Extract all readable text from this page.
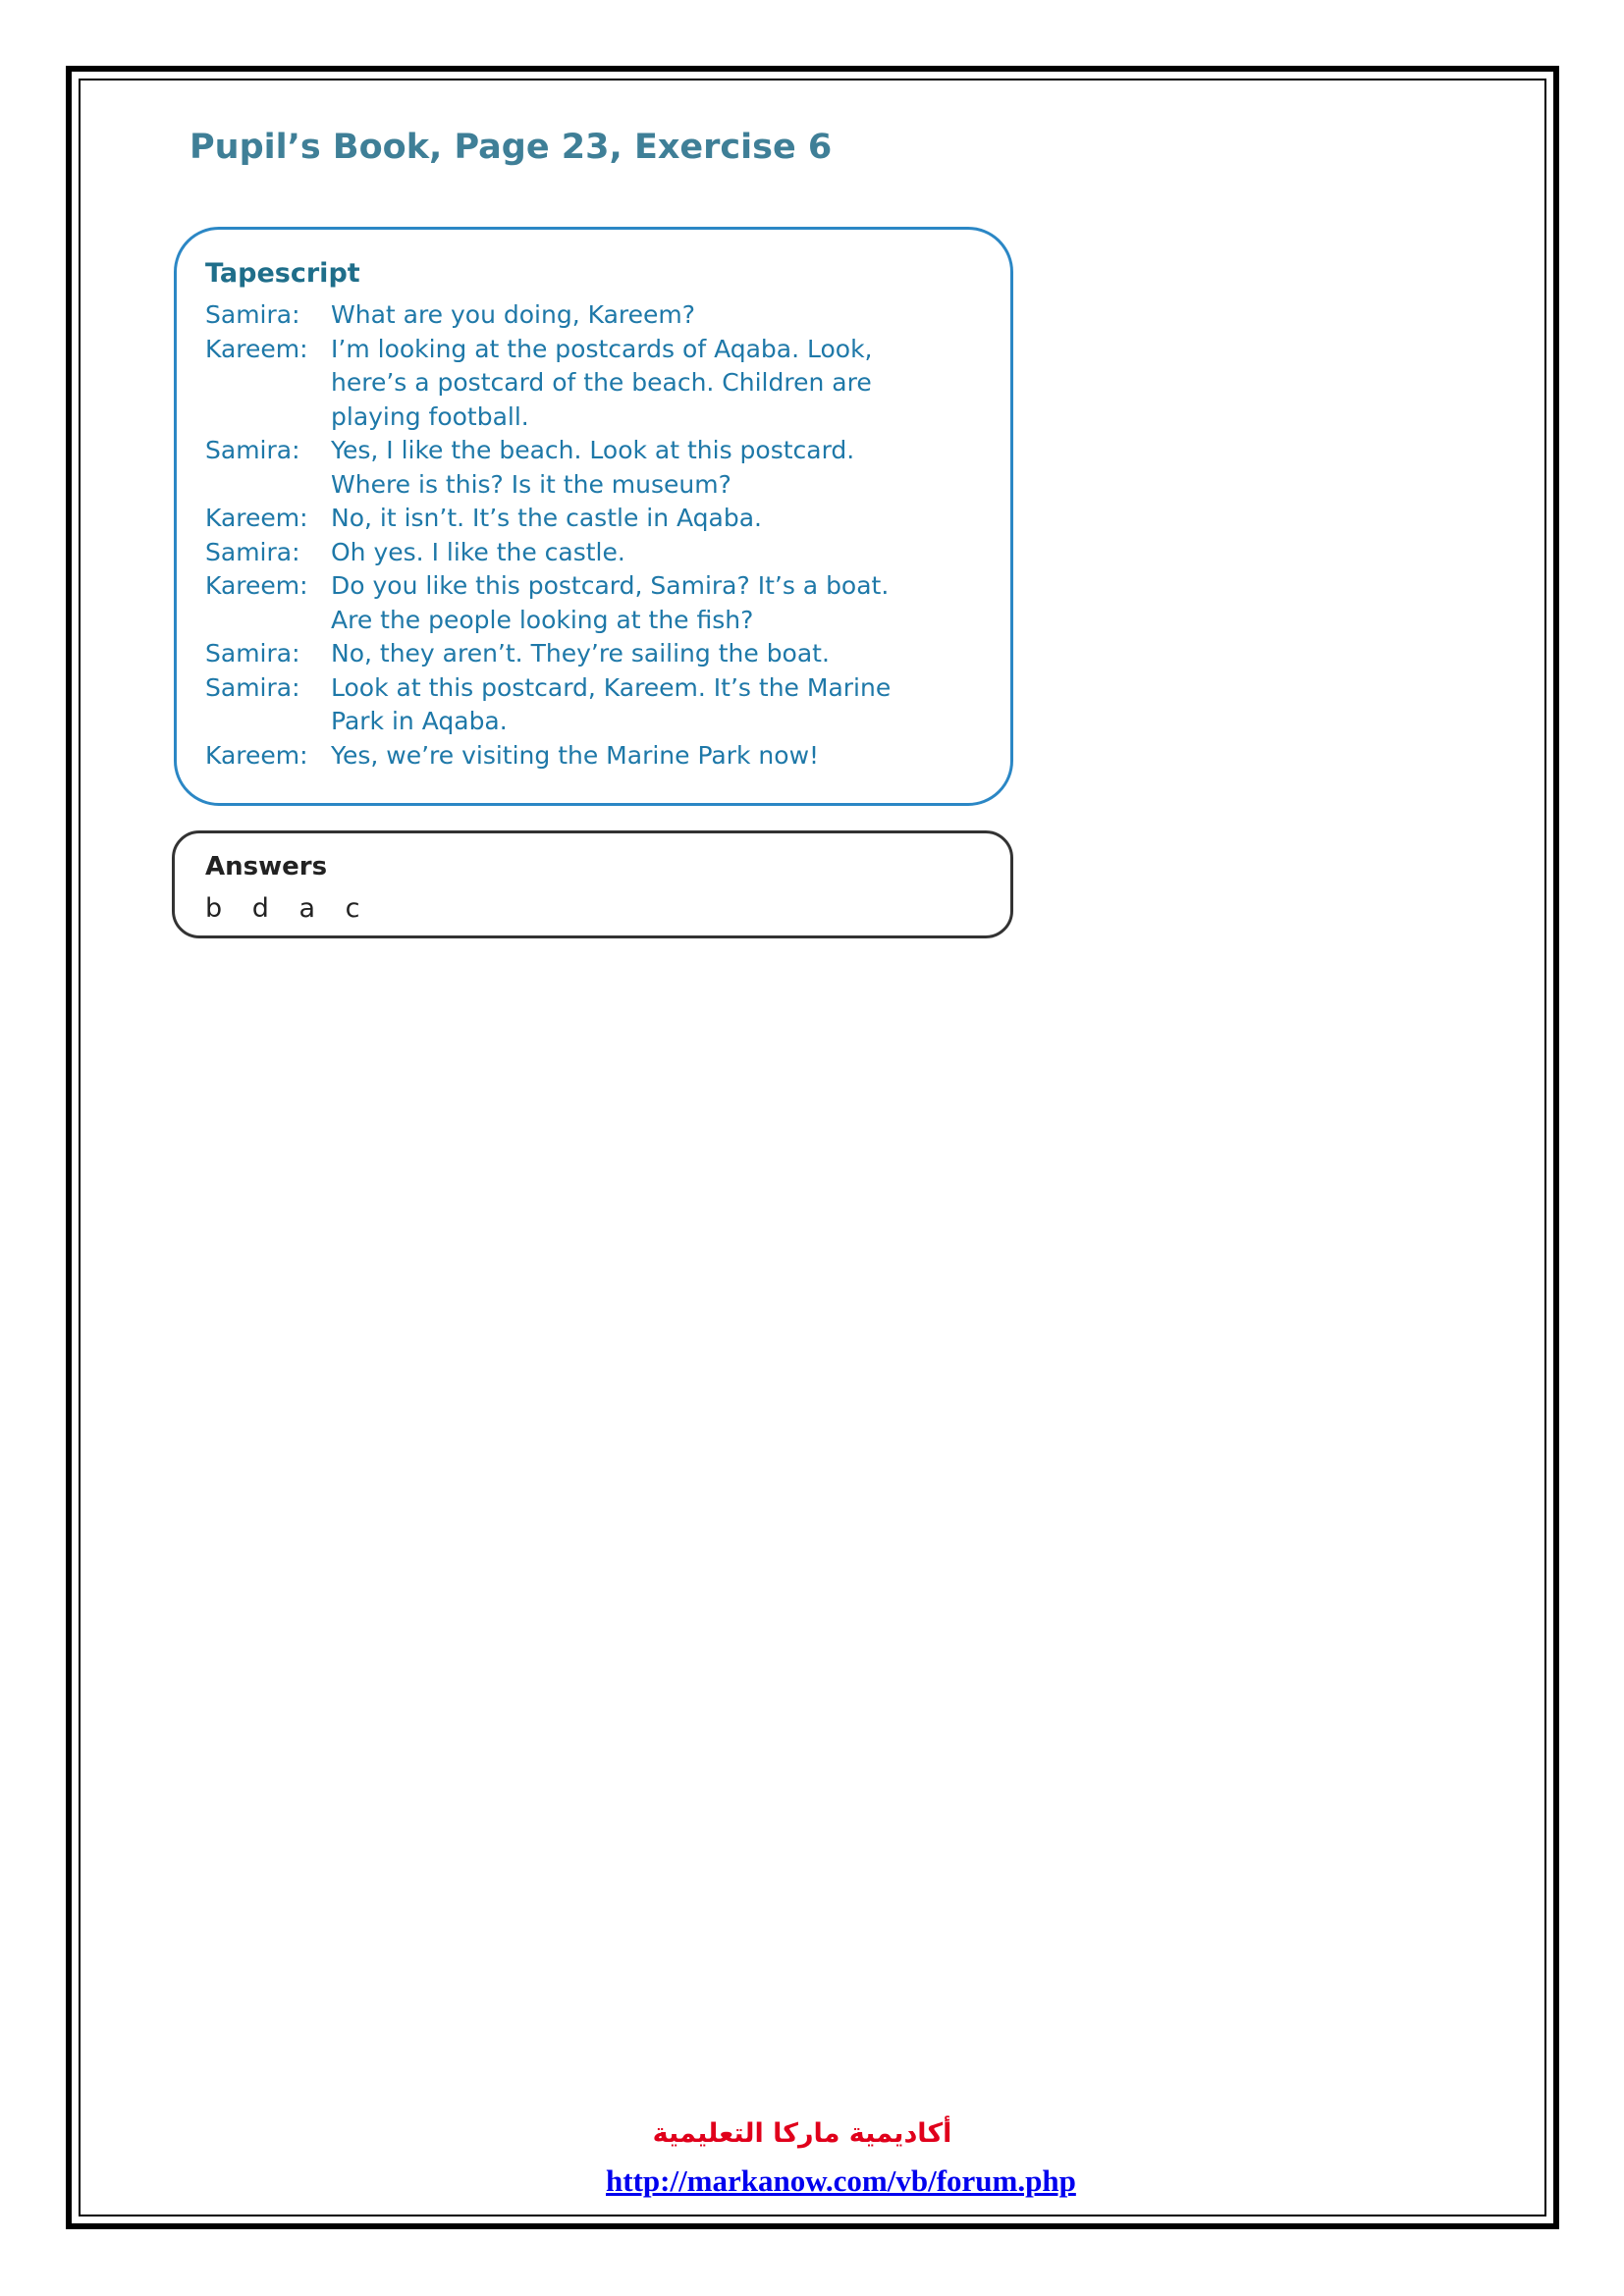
Pupil’s Book, Page 23, Exercise 6
Tapescript
Samira:	What are you doing, Kareem?
Kareem: I’m looking at the postcards of Aqaba. Look,
here’s a postcard of the beach. Children are
playing football.
Samira:	Yes, I like the beach. Look at this postcard.
Where is this? Is it the museum?
Kareem: No, it isn’t. It’s the castle in Aqaba.
Samira:	Oh yes. I like the castle.
Kareem: Do you like this postcard, Samira? It’s a boat.
Are the people looking at the fish?
Samira:	No, they aren’t. They’re sailing the boat.
Samira:	Look at this postcard, Kareem. It’s the Marine
Park in Aqaba.
Kareem: Yes, we’re visiting the Marine Park now!
Answers
b d a c
أكاديمية ماركا التعليمية
http://markanow.com/vb/forum.php
